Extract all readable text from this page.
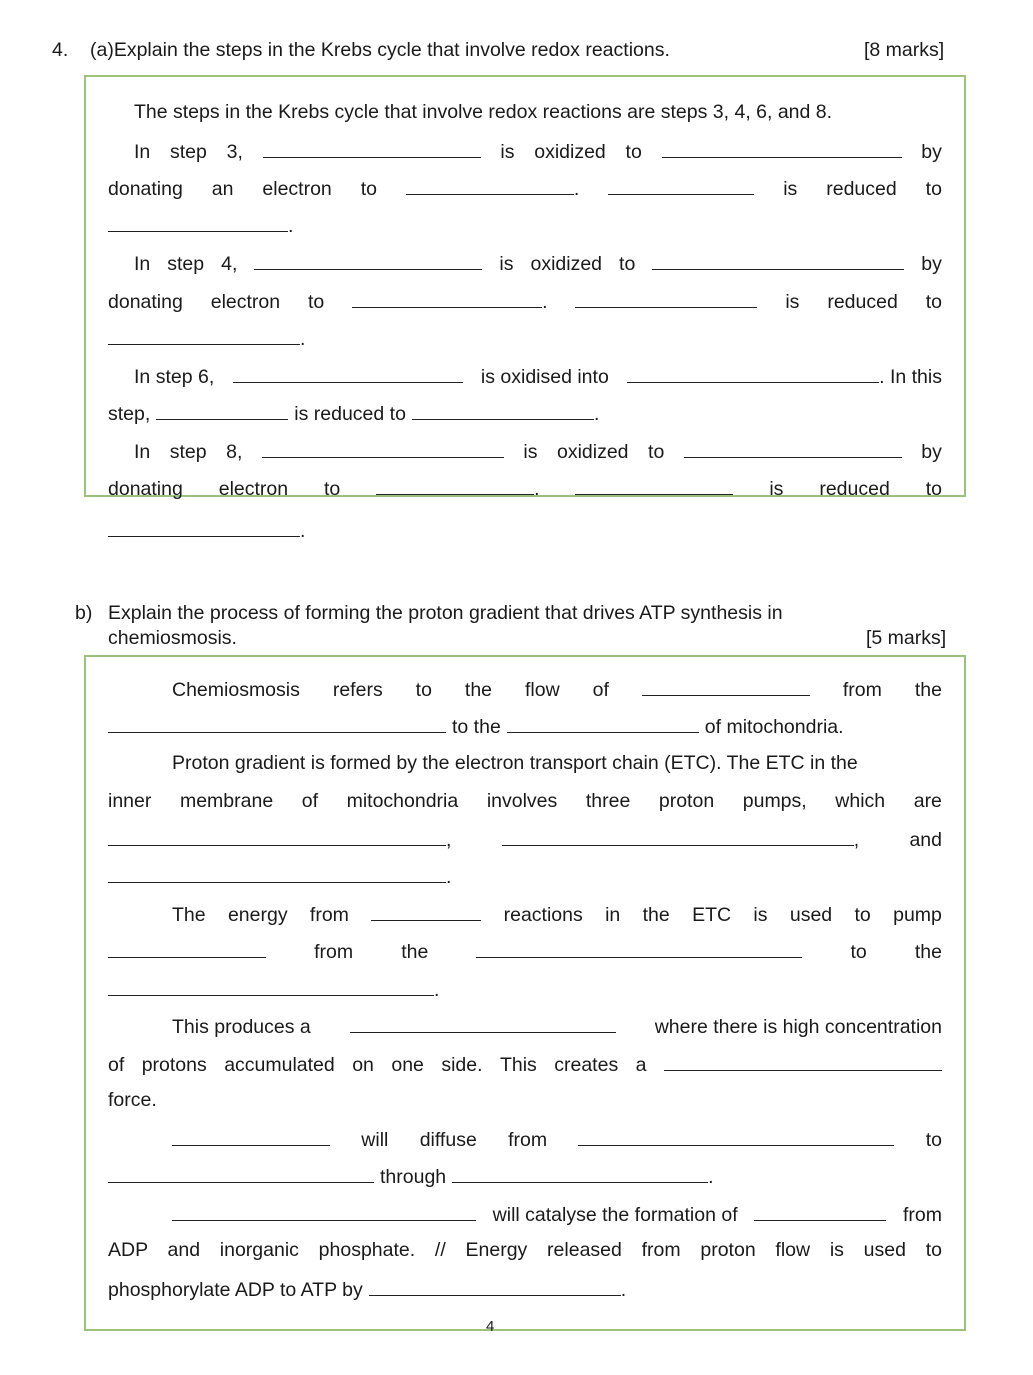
4. (a)Explain the steps in the Krebs cycle that involve redox reactions.	[8 marks]
The steps in the Krebs cycle that involve redox reactions are steps 3, 4, 6, and 8.
In step 3,	is oxidized to	by
donating an electron to	.	is reduced to
.
In step 4,	is oxidized to	by
donating electron to	.	is reduced to
.
In step 6,	is oxidised into	. In this
step,	is reduced to	.
In step 8,	is oxidized to	by
donating electron to	.	is reduced to
.
b) Explain the process of forming the proton gradient that drives ATP synthesis in
chemiosmosis.	[5 marks]
Chemiosmosis refers to the flow of	from the
to the	of mitochondria.
Proton gradient is formed by the electron transport chain (ETC). The ETC in the
inner membrane of mitochondria involves three proton pumps, which are
,	,	and
.
The energy from	reactions in the ETC is used to pump
from the	to the
.
This produces a	where there is high concentration
of protons accumulated on one side. This creates a
force.
will diffuse from	to
through	.
will catalyse the formation of	from
ADP and inorganic phosphate. // Energy released from proton flow is used to
phosphorylate ADP to ATP by	.
4
